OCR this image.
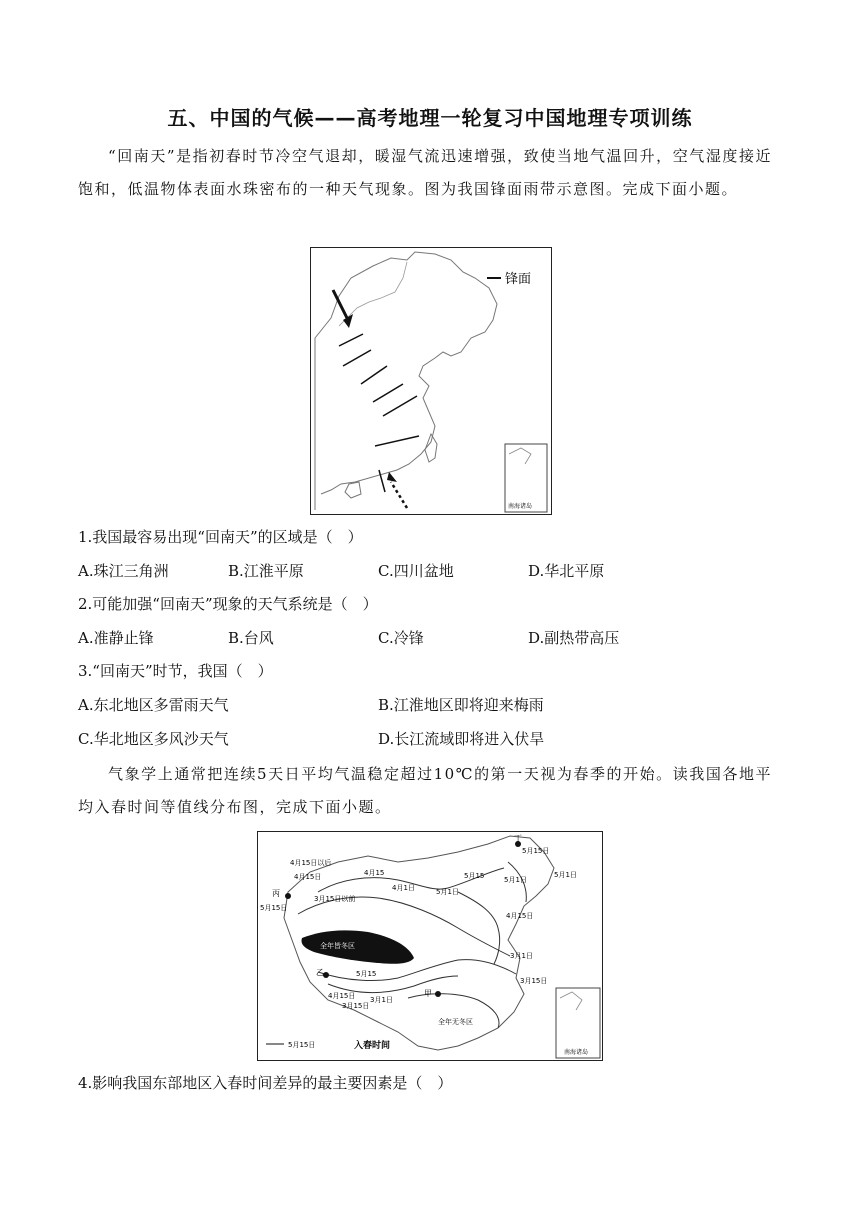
五、中国的气候——高考地理一轮复习中国地理专项训练
“回南天”是指初春时节冷空气退却，暖湿气流迅速增强，致使当地气温回升，空气湿度接近饱和，低温物体表面水珠密布的一种天气现象。图为我国锋面雨带示意图。完成下面小题。
锋面
南海诸岛
1.我国最容易出现“回南天”的区域是（　）
A.珠江三角洲	B.江淮平原	C.四川盆地	D.华北平原
2.可能加强“回南天”现象的天气系统是（　）
A.准静止锋	B.台风	C.冷锋	D.副热带高压
3.“回南天”时节，我国（　）
A.东北地区多雷雨天气	B.江淮地区即将迎来梅雨
C.华北地区多风沙天气	D.长江流域即将进入伏旱
气象学上通常把连续5天日平均气温稳定超过10℃的第一天视为春季的开始。读我国各地平均入春时间等值线分布图，完成下面小题。
4月15日以后
4月15日	4月15
4月1日
3月15日以前
丙
5月15日
全年皆冬区
5月15
乙
4月15日
3月15日
3月1日
甲
全年无冬区
3月15日
3月1日
4月15日
5月1日
5月1日
5月15
丁
5月15日
5月1日
南海诸岛
5月15日	入春时间
4.影响我国东部地区入春时间差异的最主要因素是（　）
